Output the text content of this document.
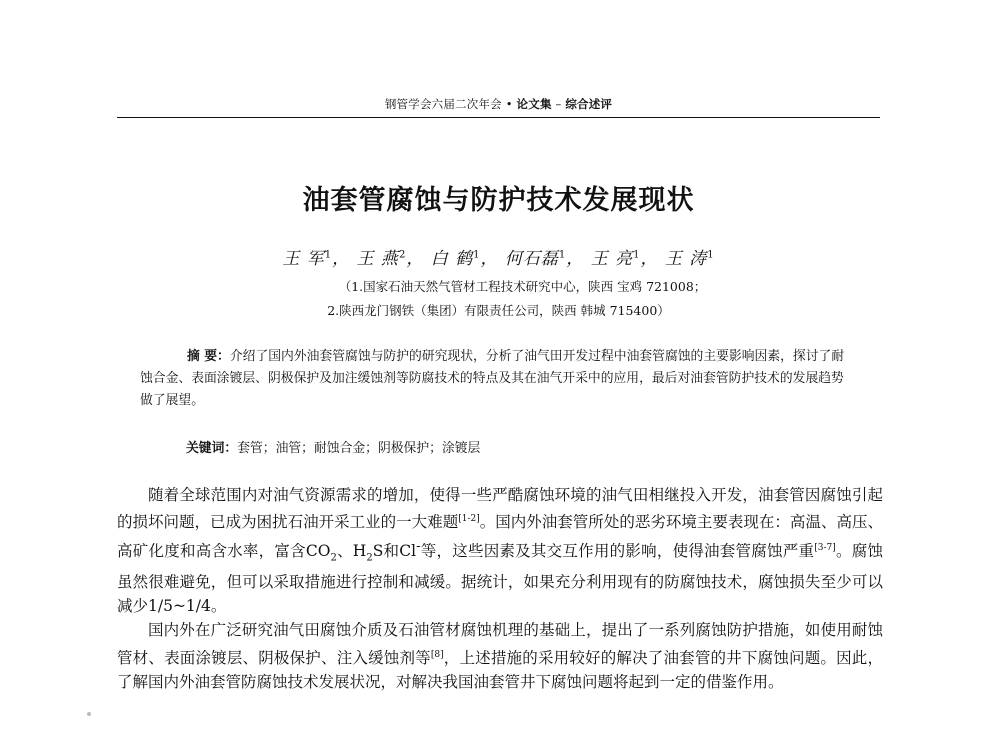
钢管学会六届二次年会 • 论文集 – 综合述评
油套管腐蚀与防护技术发展现状
王 军$^1$， 王 燕$^2$， 白 鹤$^1$， 何石磊$^1$， 王 亮$^1$， 王 涛$^1$
（1.国家石油天然气管材工程技术研究中心，陕西 宝鸡 721008；
2.陕西龙门钢铁（集团）有限责任公司，陕西 韩城 715400）
摘 要：介绍了国内外油套管腐蚀与防护的研究现状，分析了油气田开发过程中油套管腐蚀的主要影响因素，探讨了耐蚀合金、表面涂镀层、阴极保护及加注缓蚀剂等防腐技术的特点及其在油气开采中的应用，最后对油套管防护技术的发展趋势做了展望。
关键词：套管；油管；耐蚀合金；阴极保护；涂镀层

随着全球范围内对油气资源需求的增加，使得一些严酷腐蚀环境的油气田相继投入开发，油套管因腐蚀引起的损坏问题，已成为困扰石油开采工业的一大难题[1-2]。国内外油套管所处的恶劣环境主要表现在：高温、高压、高矿化度和高含水率，富含$CO_2$、$H_2S$和Cl-等，这些因素及其交互作用的影响，使得油套管腐蚀严重[3-7]。腐蚀虽然很难避免，但可以采取措施进行控制和减缓。据统计，如果充分利用现有的防腐蚀技术，腐蚀损失至少可以减少1/5~1/4。

国内外在广泛研究油气田腐蚀介质及石油管材腐蚀机理的基础上，提出了一系列腐蚀防护措施，如使用耐蚀管材、表面涂镀层、阴极保护、注入缓蚀剂等[8]，上述措施的采用较好的解决了油套管的井下腐蚀问题。因此，了解国内外油套管防腐蚀技术发展状况，对解决我国油套管井下腐蚀问题将起到一定的借鉴作用。
